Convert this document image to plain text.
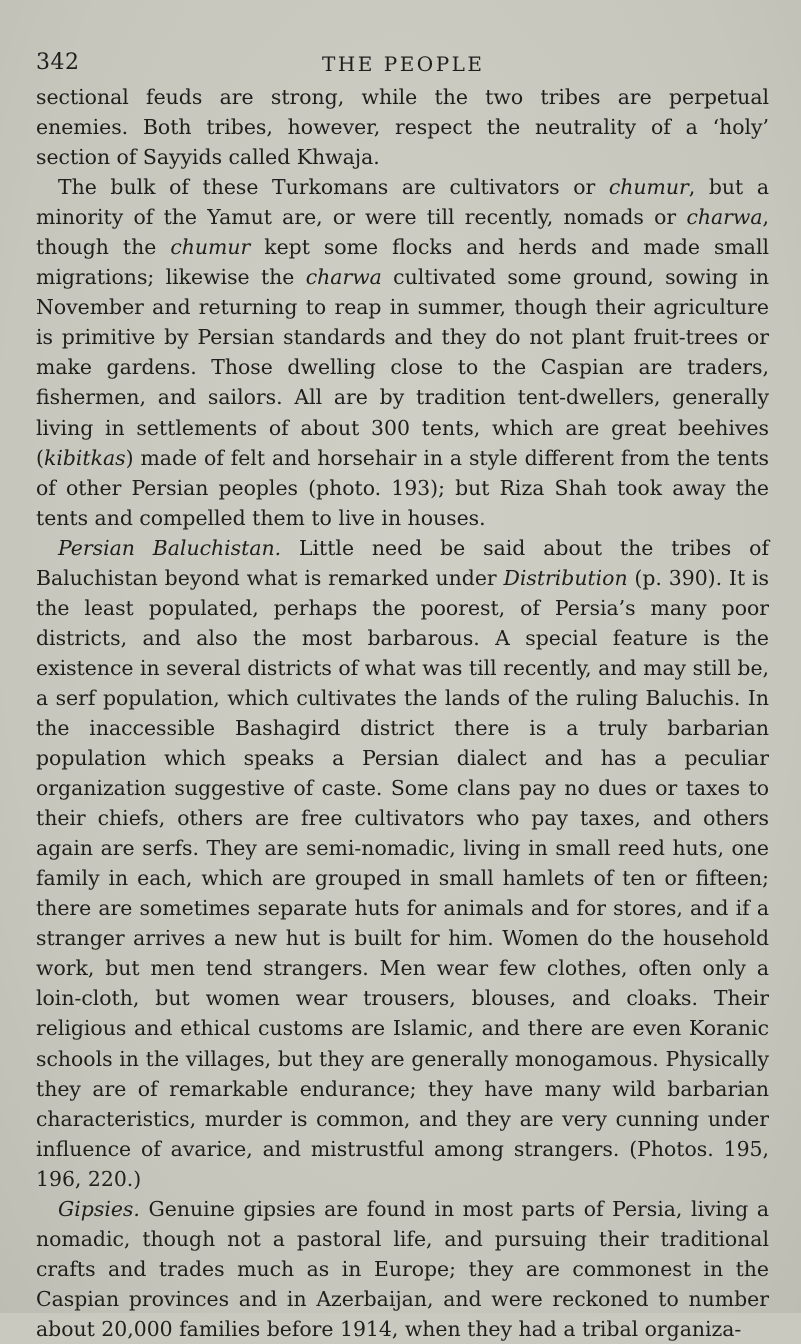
342	THE PEOPLE

sectional feuds are strong, while the two tribes are perpetual enemies. Both tribes, however, respect the neutrality of a ‘holy’ section of Sayyids called Khwaja.

The bulk of these Turkomans are cultivators or chumur, but a minority of the Yamut are, or were till recently, nomads or charwa, though the chumur kept some flocks and herds and made small migrations; likewise the charwa cultivated some ground, sowing in November and returning to reap in summer, though their agriculture is primitive by Persian standards and they do not plant fruit-trees or make gardens. Those dwelling close to the Caspian are traders, fishermen, and sailors. All are by tradition tent-dwellers, generally living in settlements of about 300 tents, which are great beehives (kibitkas) made of felt and horsehair in a style different from the tents of other Persian peoples (photo. 193); but Riza Shah took away the tents and compelled them to live in houses.

Persian Baluchistan. Little need be said about the tribes of Baluchistan beyond what is remarked under Distribution (p. 390). It is the least populated, perhaps the poorest, of Persia’s many poor districts, and also the most barbarous. A special feature is the existence in several districts of what was till recently, and may still be, a serf population, which cultivates the lands of the ruling Baluchis. In the inaccessible Bashagird district there is a truly barbarian population which speaks a Persian dialect and has a peculiar organization suggestive of caste. Some clans pay no dues or taxes to their chiefs, others are free cultivators who pay taxes, and others again are serfs. They are semi-nomadic, living in small reed huts, one family in each, which are grouped in small hamlets of ten or fifteen; there are sometimes separate huts for animals and for stores, and if a stranger arrives a new hut is built for him. Women do the household work, but men tend strangers. Men wear few clothes, often only a loin-cloth, but women wear trousers, blouses, and cloaks. Their religious and ethical customs are Islamic, and there are even Koranic schools in the villages, but they are generally monogamous. Physically they are of remarkable endurance; they have many wild barbarian characteristics, murder is common, and they are very cunning under influence of avarice, and mistrustful among strangers. (Photos. 195, 196, 220.)

Gipsies. Genuine gipsies are found in most parts of Persia, living a nomadic, though not a pastoral life, and pursuing their traditional crafts and trades much as in Europe; they are commonest in the Caspian provinces and in Azerbaijan, and were reckoned to number about 20,000 families before 1914, when they had a tribal organiza-
